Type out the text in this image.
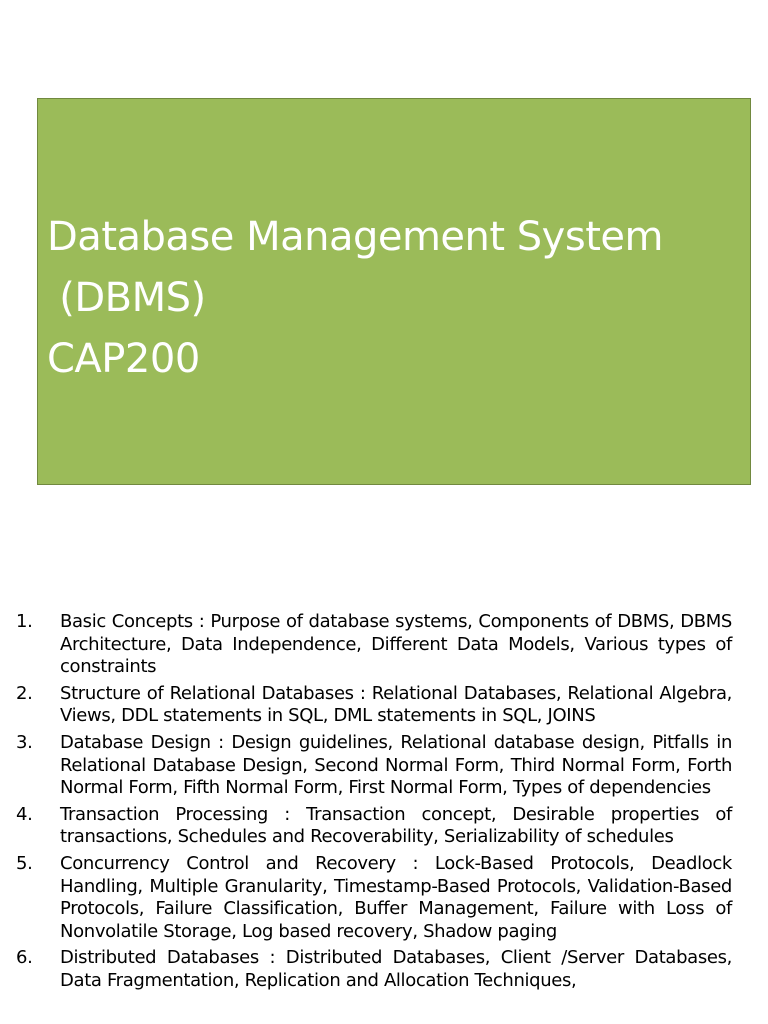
Database Management System
(DBMS)
CAP200
1.	Basic Concepts : Purpose of database systems, Components of DBMS, DBMS Architecture, Data Independence, Different Data Models, Various types of constraints
2.	Structure of Relational Databases : Relational Databases, Relational Algebra, Views, DDL statements in SQL, DML statements in SQL, JOINS
3.	Database Design : Design guidelines, Relational database design, Pitfalls in Relational Database Design, Second Normal Form, Third Normal Form, Forth Normal Form, Fifth Normal Form, First Normal Form, Types of dependencies
4.	Transaction Processing : Transaction concept, Desirable properties of transactions, Schedules and Recoverability, Serializability of schedules
5.	Concurrency Control and Recovery : Lock-Based Protocols, Deadlock Handling, Multiple Granularity, Timestamp-Based Protocols, Validation-Based Protocols, Failure Classification, Buffer Management, Failure with Loss of Nonvolatile Storage, Log based recovery, Shadow paging
6.	Distributed Databases : Distributed Databases, Client /Server Databases, Data Fragmentation, Replication and Allocation Techniques,
